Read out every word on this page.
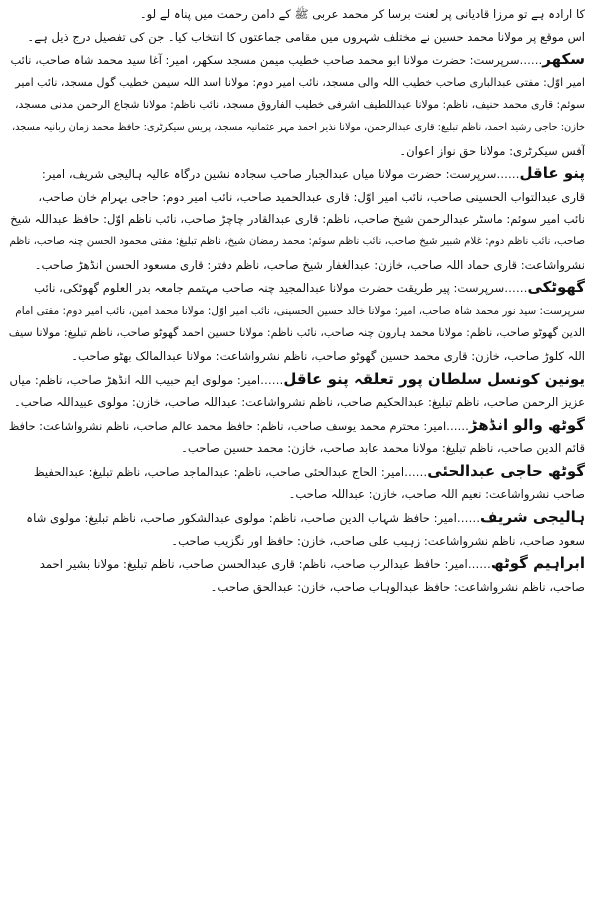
کا ارادہ ہے تو مرزا قادیانی پر لعنت برسا کر محمد عربی ﷺ کے دامن رحمت میں پناہ لے لو۔
اس موقع پر مولانا محمد حسین نے مختلف شہروں میں مقامی جماعتوں کا انتخاب کیا۔ جن کی تفصیل درج ذیل ہے۔
سکھر……سرپرست: حضرت مولانا ابو محمد صاحب خطیب میمن مسجد سکھر، امیر: آغا سید محمد شاہ صاحب، نائب
امیر اوّل: مفتی عبدالباری صاحب خطیب اللہ والی مسجد، نائب امیر دوم: مولانا اسد اللہ سیمن خطیب گول مسجد، نائب امیر
سوئم: قاری محمد حنیف، ناظم: مولانا عبداللطیف اشرفی خطیب الفاروق مسجد، نائب ناظم: مولانا شجاع الرحمن مدنی مسجد،
خازن: حاجی رشید احمد، ناظم تبلیغ: قاری عبدالرحمن، مولانا نذیر احمد مہر عثمانیہ مسجد، پریس سیکرٹری: حافظ محمد زمان ربانیہ مسجد،
آفس سیکرٹری: مولانا حق نواز اعوان۔
پنو عاقل……سرپرست: حضرت مولانا میاں عبدالجبار صاحب سجادہ نشین درگاہ عالیہ ہالیجی شریف، امیر:
قاری عبدالتواب الحسینی صاحب، نائب امیر اوّل: قاری عبدالحمید صاحب، نائب امیر دوم: حاجی بہرام خان صاحب،
نائب امیر سوئم: ماسٹر عبدالرحمن شیخ صاحب، ناظم: قاری عبدالقادر چاچڑ صاحب، نائب ناظم اوّل: حافظ عبداللہ شیخ
صاحب، نائب ناظم دوم: غلام شبیر شیخ صاحب، نائب ناظم سوئم: محمد رمضان شیخ، ناظم تبلیغ: مفتی محمود الحسن چنہ صاحب، ناظم
نشرواشاعت: قاری حماد اللہ صاحب، خازن: عبدالغفار شیخ صاحب، ناظم دفتر: قاری مسعود الحسن انڈھڑ صاحب۔
گھوٹکی……سرپرست: پیر طریقت حضرت مولانا عبدالمجید چنہ صاحب مہتمم جامعہ بدر العلوم گھوٹکی، نائب
سرپرست: سید نور محمد شاہ صاحب، امیر: مولانا خالد حسین الحسینی، نائب امیر اوّل: مولانا محمد امین، نائب امیر دوم: مفتی امام
الدین گھوٹو صاحب، ناظم: مولانا محمد ہارون چنہ صاحب، نائب ناظم: مولانا حسین احمد گھوٹو صاحب، ناظم تبلیغ: مولانا سیف
اللہ کلوڑ صاحب، خازن: قاری محمد حسین گھوٹو صاحب، ناظم نشرواشاعت: مولانا عبدالمالک بھٹو صاحب۔
یونین کونسل سلطان پور تعلقہ پنو عاقل……امیر: مولوی ایم حبیب اللہ انڈھڑ صاحب، ناظم: میاں
عزیز الرحمن صاحب، ناظم تبلیغ: عبدالحکیم صاحب، ناظم نشرواشاعت: عبداللہ صاحب، خازن: مولوی عبیداللہ صاحب۔
گوٹھ والو انڈھڑ……امیر: محترم محمد یوسف صاحب، ناظم: حافظ محمد عالم صاحب، ناظم نشرواشاعت: حافظ
قائم الدین صاحب، ناظم تبلیغ: مولانا محمد عابد صاحب، خازن: محمد حسین صاحب۔
گوٹھ حاجی عبدالحئی……امیر: الحاج عبدالحئی صاحب، ناظم: عبدالماجد صاحب، ناظم تبلیغ: عبدالحفیظ
صاحب نشرواشاعت: نعیم اللہ صاحب، خازن: عبداللہ صاحب۔
ہالیجی شریف……امیر: حافظ شہاب الدین صاحب، ناظم: مولوی عبدالشکور صاحب، ناظم تبلیغ: مولوی شاہ
سعود صاحب، ناظم نشرواشاعت: زہیب علی صاحب، خازن: حافظ اور نگزیب صاحب۔
ابراہیم گوٹھ……امیر: حافظ عبدالرب صاحب، ناظم: قاری عبدالحسن صاحب، ناظم تبلیغ: مولانا بشیر احمد
صاحب، ناظم نشرواشاعت: حافظ عبدالوہاب صاحب، خازن: عبدالحق صاحب۔
